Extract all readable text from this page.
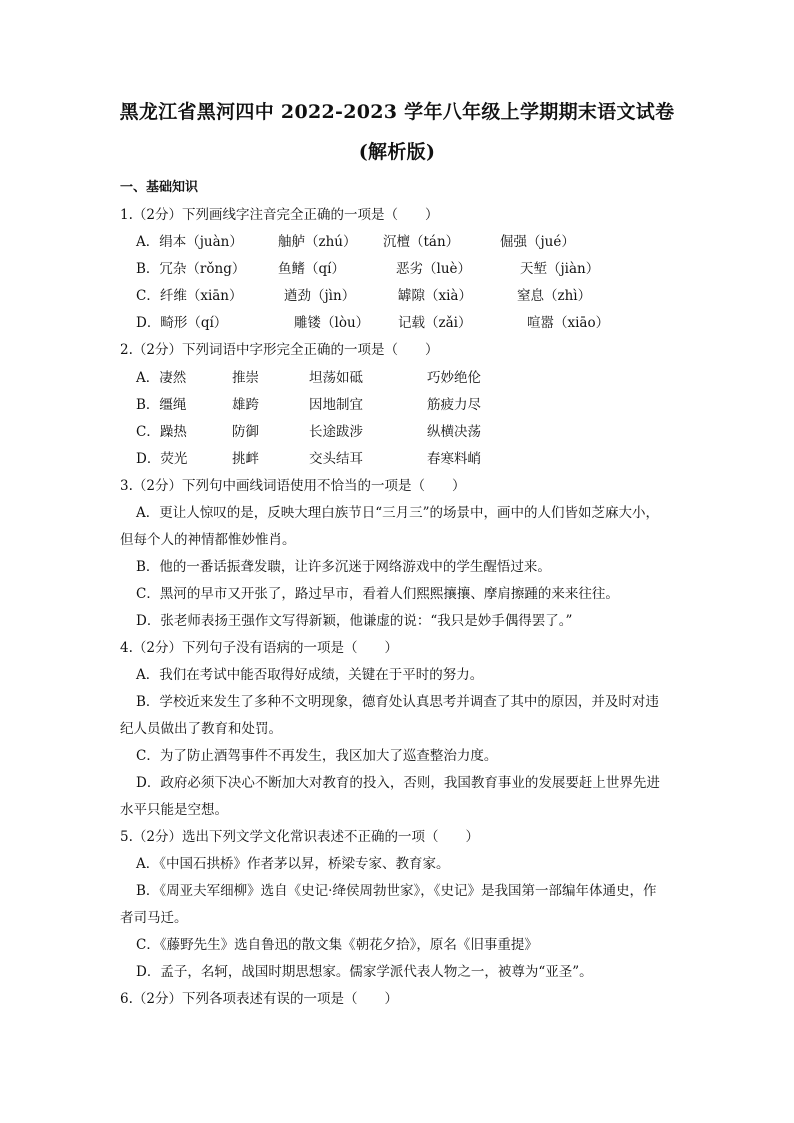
黑龙江省黑河四中 2022-2023 学年八年级上学期期末语文试卷
(解析版)
一、基础知识
1.（2分）下列画线字注音完全正确的一项是（　　）
A．绢本（juàn）	舳舻（zhú） 沉檀（tán）	倔强（jué）
B．冗杂（rǒng） 鱼鳍（qí）	恶劣（luè）	天堑（jiàn）
C．纤维（xiān）	遒劲（jìn）	罅隙（xià）	窒息（zhì）
D．畸形（qí）	雕镂（lòu） 记载（zǎi）	喧嚣（xiāo）
2.（2分）下列词语中字形完全正确的一项是（　　）
A．凄然	推崇	坦荡如砥	巧妙绝伦
B．缰绳	雄跨	因地制宜	筋疲力尽
C．躁热	防御	长途跋涉	纵横决荡
D．荧光	挑衅	交头结耳	春寒料峭
3.（2分）下列句中画线词语使用不恰当的一项是（　　）
A．更让人惊叹的是，反映大理白族节日“三月三”的场景中，画中的人们皆如芝麻大小，
但每个人的神情都惟妙惟肖。
B．他的一番话振聋发聩，让许多沉迷于网络游戏中的学生醒悟过来。
C．黑河的早市又开张了，路过早市，看着人们熙熙攘攘、摩肩擦踵的来来往往。
D．张老师表扬王强作文写得新颖，他谦虚的说：“我只是妙手偶得罢了。”
4.（2分）下列句子没有语病的一项是（　　）
A．我们在考试中能否取得好成绩，关键在于平时的努力。
B．学校近来发生了多种不文明现象，德育处认真思考并调查了其中的原因，并及时对违
纪人员做出了教育和处罚。
C．为了防止酒驾事件不再发生，我区加大了巡查整治力度。
D．政府必须下决心不断加大对教育的投入，否则，我国教育事业的发展要赶上世界先进
水平只能是空想。
5.（2分）选出下列文学文化常识表述不正确的一项（　　）
A．《中国石拱桥》作者茅以昇，桥梁专家、教育家。
B．《周亚夫军细柳》选自《史记·绛侯周勃世家》，《史记》是我国第一部编年体通史，作
者司马迁。
C．《藤野先生》选自鲁迅的散文集《朝花夕拾》，原名《旧事重提》
D．孟子，名轲，战国时期思想家。儒家学派代表人物之一，被尊为“亚圣”。
6.（2分）下列各项表述有误的一项是（　　）
